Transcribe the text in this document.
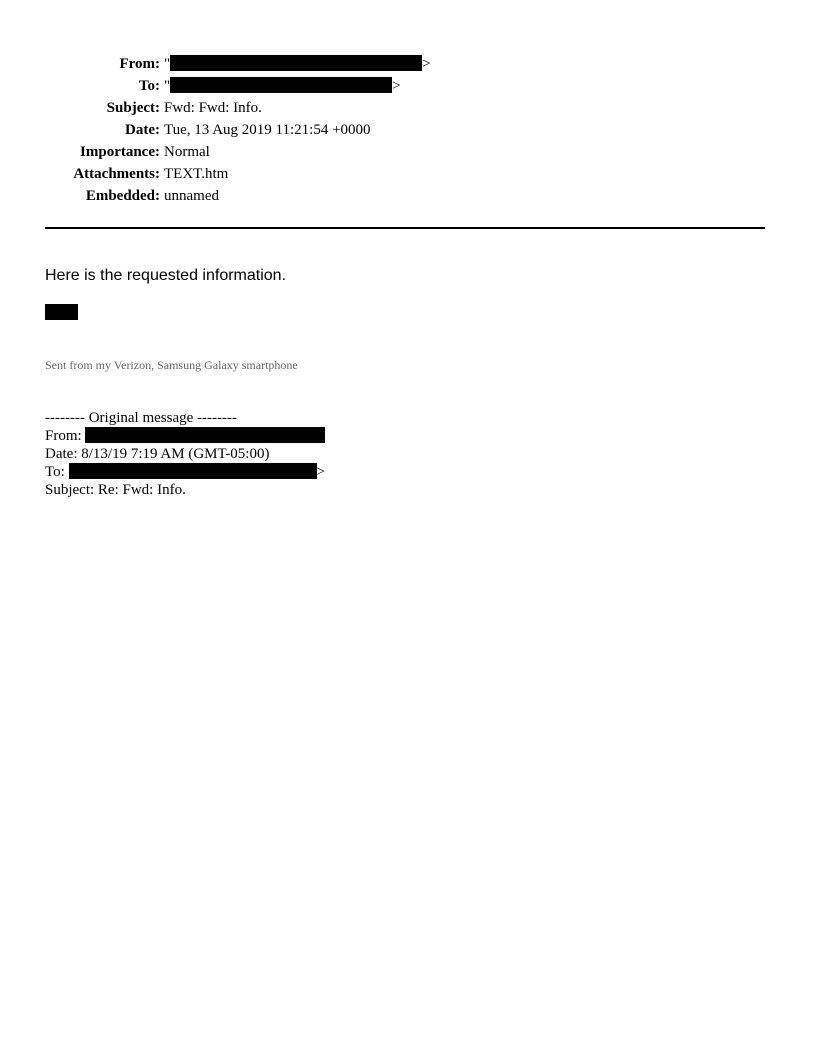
From: "	>
To: "	>
Subject: Fwd: Fwd: Info.
Date: Tue, 13 Aug 2019 11:21:54 +0000
Importance: Normal
Attachments: TEXT.htm
Embedded: unnamed
Here is the requested information.
Sent from my Verizon, Samsung Galaxy smartphone
-------- Original message --------
From:
Date: 8/13/19 7:19 AM (GMT-05:00)
To:	>
Subject: Re: Fwd: Info.
